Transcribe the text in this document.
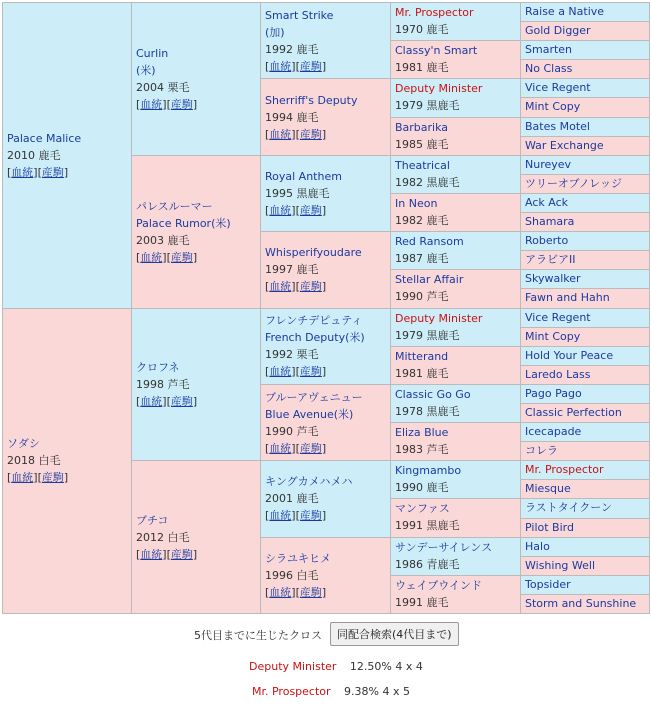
Palace Malice
2010 鹿毛
[血統][産駒]
ソダシ
2018 白毛
[血統][産駒]
Curlin
(米)
2004 栗毛
[血統][産駒]
パレスルーマー
Palace Rumor(米)
2003 鹿毛
[血統][産駒]
クロフネ
1998 芦毛
[血統][産駒]
ブチコ
2012 白毛
[血統][産駒]
Smart Strike
(加)
1992 鹿毛
[血統][産駒]
Sherriff's Deputy
1994 鹿毛
[血統][産駒]
Royal Anthem
1995 黒鹿毛
[血統][産駒]
Whisperifyoudare
1997 鹿毛
[血統][産駒]
フレンチデピュティ
French Deputy(米)
1992 栗毛
[血統][産駒]
ブルーアヴェニュー
Blue Avenue(米)
1990 芦毛
[血統][産駒]
キングカメハメハ
2001 鹿毛
[血統][産駒]
シラユキヒメ
1996 白毛
[血統][産駒]
Mr. Prospector
1970 鹿毛
Classy'n Smart
1981 鹿毛
Deputy Minister
1979 黒鹿毛
Barbarika
1985 鹿毛
Theatrical
1982 黒鹿毛
In Neon
1982 鹿毛
Red Ransom
1987 鹿毛
Stellar Affair
1990 芦毛
Deputy Minister
1979 黒鹿毛
Mitterand
1981 鹿毛
Classic Go Go
1978 黒鹿毛
Eliza Blue
1983 芦毛
Kingmambo
1990 鹿毛
マンファス
1991 黒鹿毛
サンデーサイレンス
1986 青鹿毛
ウェイブウインド
1991 鹿毛
Raise a Native
Gold Digger
Smarten
No Class
Vice Regent
Mint Copy
Bates Motel
War Exchange
Nureyev
ツリーオブノレッジ
Ack Ack
Shamara
Roberto
アラビアII
Skywalker
Fawn and Hahn
Vice Regent
Mint Copy
Hold Your Peace
Laredo Lass
Pago Pago
Classic Perfection
Icecapade
コレラ
Mr. Prospector
Miesque
ラストタイクーン
Pilot Bird
Halo
Wishing Well
Topsider
Storm and Sunshine
5代目までに生じたクロス	同配合検索(4代目まで)
Deputy Minister 12.50% 4 x 4
Mr. Prospector 9.38% 4 x 5
